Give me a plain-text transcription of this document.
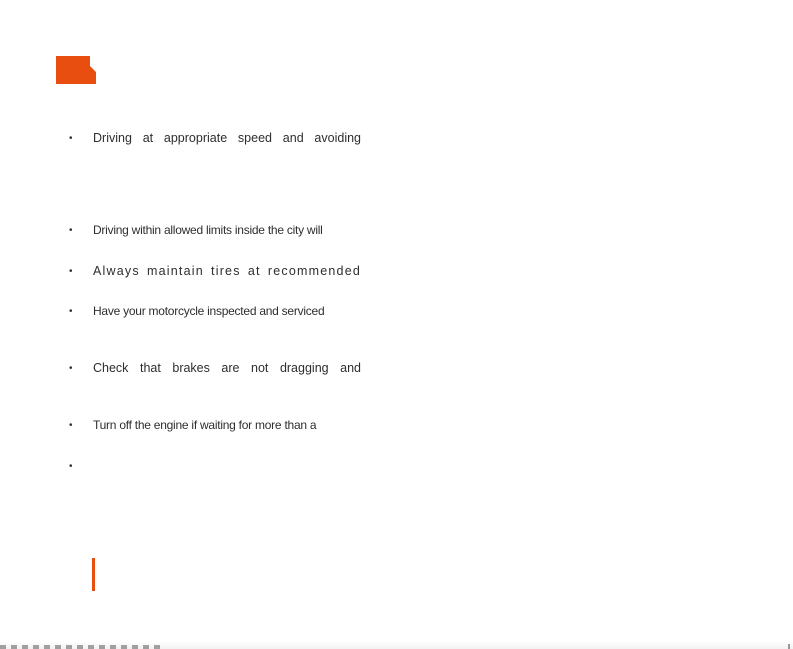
• Driving at appropriate speed and avoiding
• Driving within allowed limits inside the city will
• Always maintain tires at recommended
• Have your motorcycle inspected and serviced
• Check that brakes are not dragging and
• Turn off the engine if waiting for more than a
•
